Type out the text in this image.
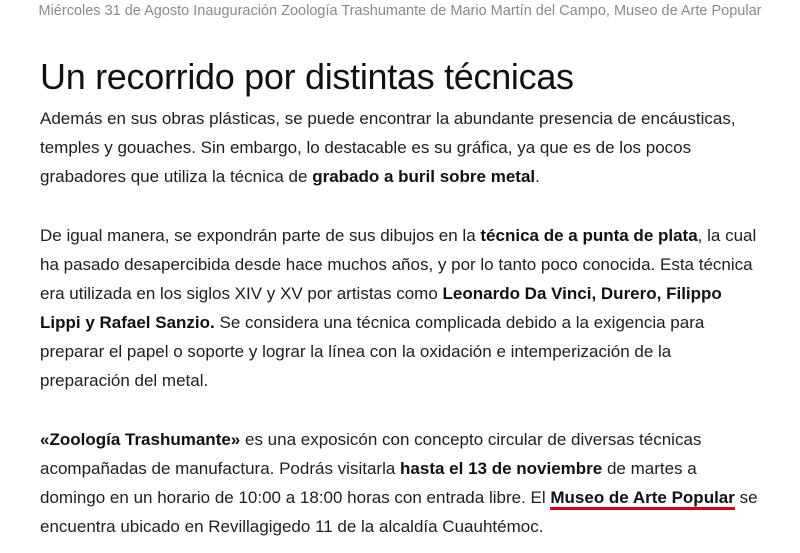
Miércoles 31 de Agosto Inauguración Zoología Trashumante de Mario Martín del Campo, Museo de Arte Popular
Un recorrido por distintas técnicas

Además en sus obras plásticas, se puede encontrar la abundante presencia de encáusticas, temples y gouaches. Sin embargo, lo destacable es su gráfica, ya que es de los pocos grabadores que utiliza la técnica de grabado a buril sobre metal.

De igual manera, se expondrán parte de sus dibujos en la técnica de a punta de plata, la cual ha pasado desapercibida desde hace muchos años, y por lo tanto poco conocida. Esta técnica era utilizada en los siglos XIV y XV por artistas como Leonardo Da Vinci, Durero, Filippo Lippi y Rafael Sanzio. Se considera una técnica complicada debido a la exigencia para preparar el papel o soporte y lograr la línea con la oxidación e intemperización de la preparación del metal.

«Zoología Trashumante» es una exposicón con concepto circular de diversas técnicas acompañadas de manufactura. Podrás visitarla hasta el 13 de noviembre de martes a domingo en un horario de 10:00 a 18:00 horas con entrada libre. El Museo de Arte Popular se encuentra ubicado en Revillagigedo 11 de la alcaldía Cuauhtémoc.
